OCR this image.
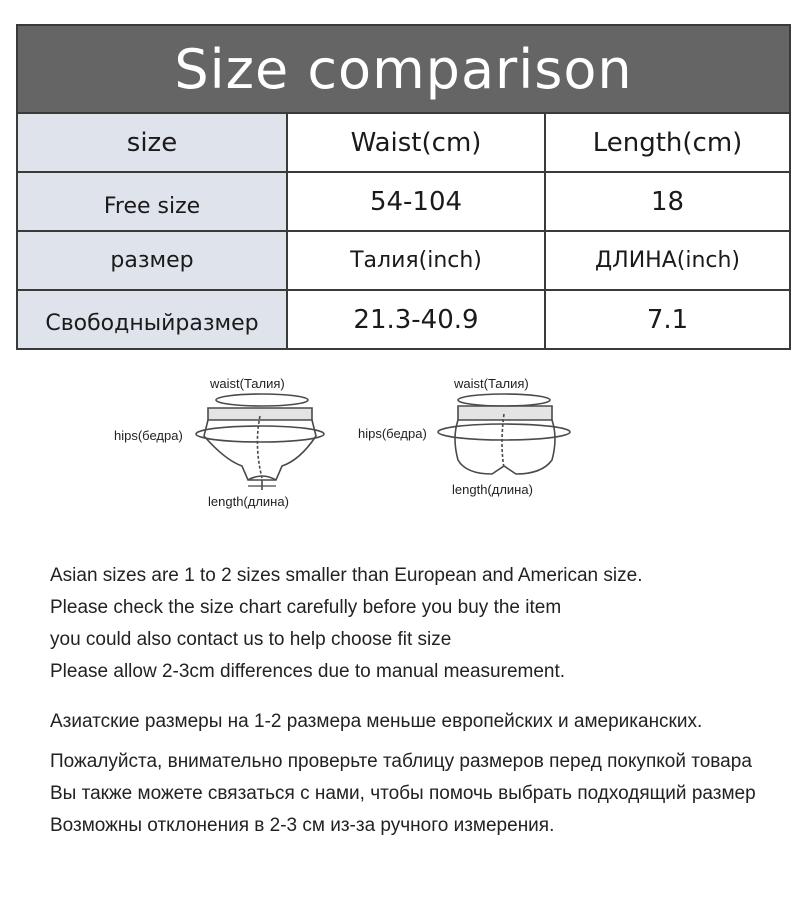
Size comparison
size	Waist(cm)	Length(cm)
Free size	54-104	18
размер	Талия(inch)	ДЛИНА(inch)
Свободныйразмер	21.3-40.9	7.1
waist(Талия)
hips(бедра)
length(длина)
waist(Талия)
hips(бедра)
length(длина)
Asian sizes are 1 to 2 sizes smaller than European and American size.
Please check the size chart carefully before you buy the item
you could also contact us to help choose fit size
Please allow 2-3cm differences due to manual measurement.
Азиатские размеры на 1-2 размера меньше европейских и американских.
Пожалуйста, внимательно проверьте таблицу размеров перед покупкой товара
Вы также можете связаться с нами, чтобы помочь выбрать подходящий размер
Возможны отклонения в 2-3 см из-за ручного измерения.
